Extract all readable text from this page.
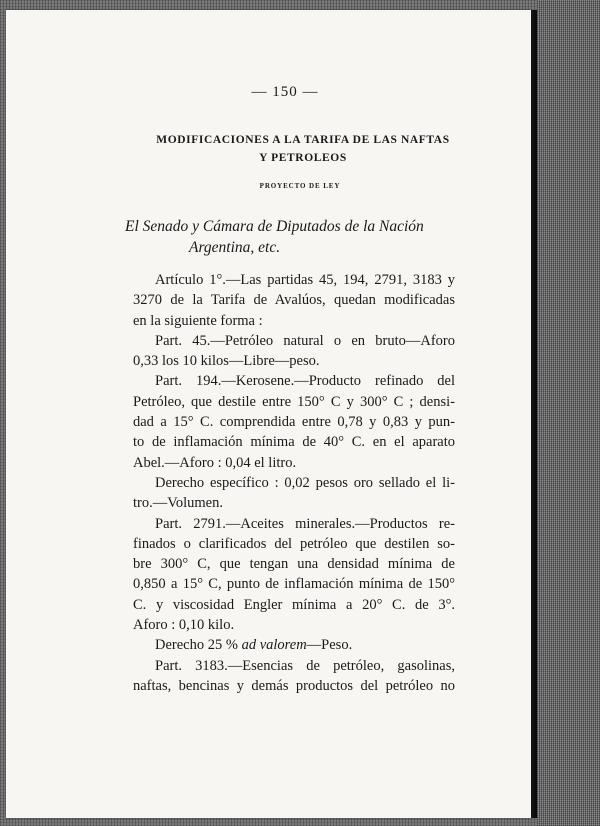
— 150 —
MODIFICACIONES A LA TARIFA DE LAS NAFTAS
Y PETROLEOS
PROYECTO DE LEY
El Senado y Cámara de Diputados de la Nación
Argentina, etc.
Artículo 1°.—Las partidas 45, 194, 2791, 3183 y
3270 de la Tarifa de Avalúos, quedan modificadas
en la siguiente forma :
Part. 45.—Petróleo natural o en bruto—Aforo
0,33 los 10 kilos—Libre—peso.
Part. 194.—Kerosene.—Producto refinado del
Petróleo, que destile entre 150° C y 300° C ; densi-
dad a 15° C. comprendida entre 0,78 y 0,83 y pun-
to de inflamación mínima de 40° C. en el aparato
Abel.—Aforo : 0,04 el litro.
Derecho específico : 0,02 pesos oro sellado el li-
tro.—Volumen.
Part. 2791.—Aceites minerales.—Productos re-
finados o clarificados del petróleo que destilen so-
bre 300° C, que tengan una densidad mínima de
0,850 a 15° C, punto de inflamación mínima de 150°
C. y viscosidad Engler mínima a 20° C. de 3°.
Aforo : 0,10 kilo.
Derecho 25 % ad valorem—Peso.
Part. 3183.—Esencias de petróleo, gasolinas,
naftas, bencinas y demás productos del petróleo no
